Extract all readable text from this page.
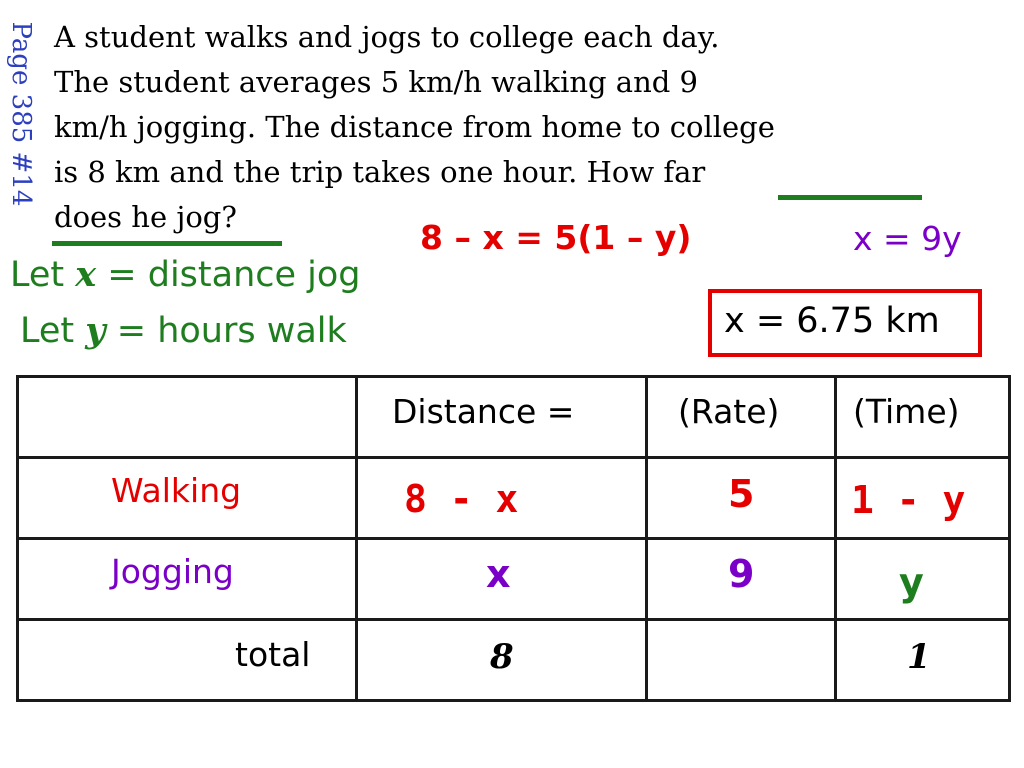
Page 385 #14 A student walks and jogs to college each day.
The student averages 5 km/h walking and 9
km/h jogging. The distance from home to college
is 8 km and the trip takes one hour. How far
does he jog?
8 – x = 5(1 – y)	x = 9y
Let x = distance jog
Let y = hours walk	x = 6.75 km

	Distance =	(Rate)	(Time)

Walking	8 - x	5	1 - y

Jogging	x	9	y

total	8		1
